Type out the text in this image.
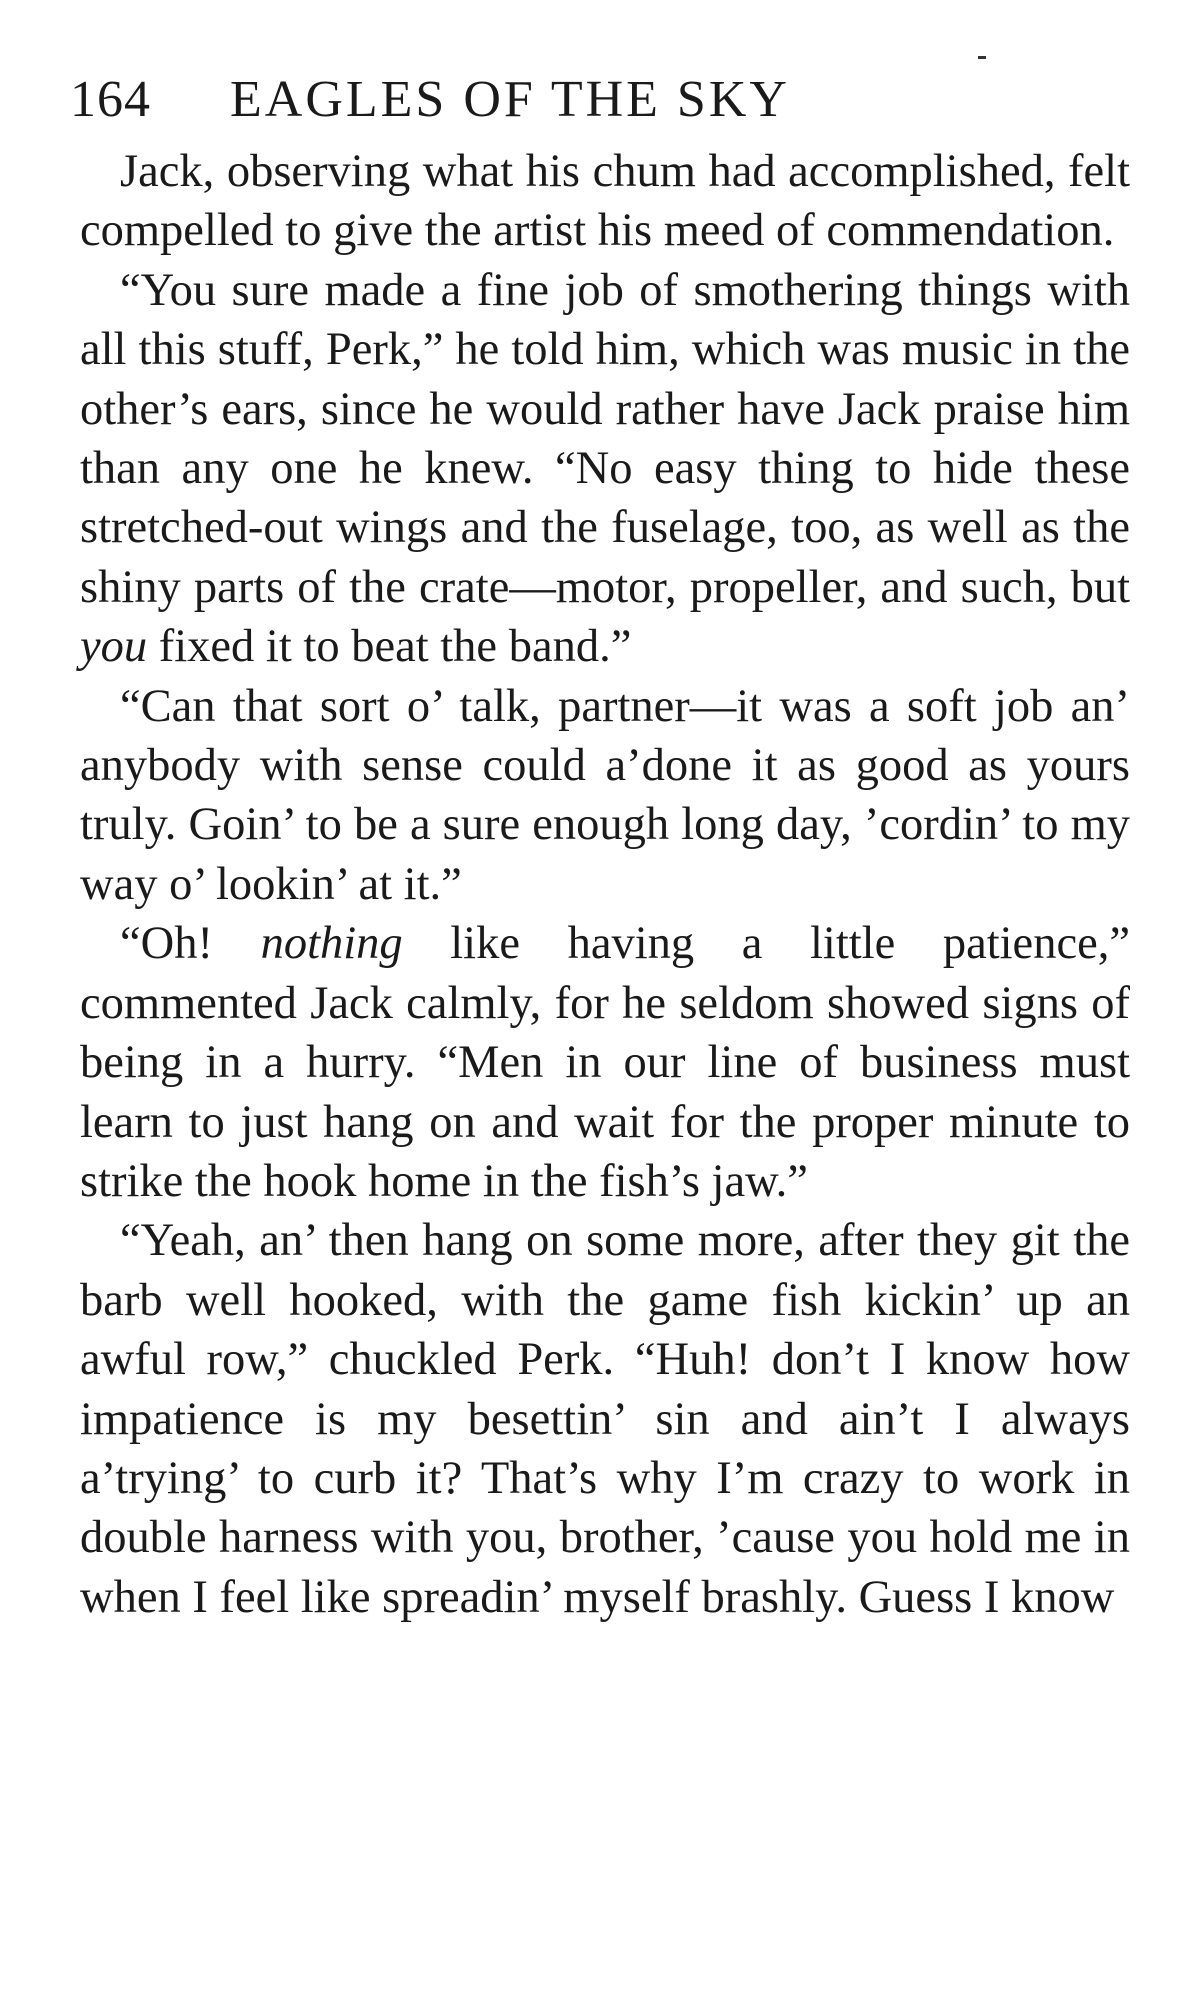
164	EAGLES OF THE SKY

Jack, observing what his chum had accomplished, felt compelled to give the artist his meed of commendation.

“You sure made a fine job of smothering things with all this stuff, Perk,” he told him, which was music in the other’s ears, since he would rather have Jack praise him than any one he knew. “No easy thing to hide these stretched-out wings and the fuselage, too, as well as the shiny parts of the crate—motor, propeller, and such, but you fixed it to beat the band.”

“Can that sort o’ talk, partner—it was a soft job an’ anybody with sense could a’done it as good as yours truly. Goin’ to be a sure enough long day, ’cordin’ to my way o’ lookin’ at it.”

“Oh! nothing like having a little patience,” commented Jack calmly, for he seldom showed signs of being in a hurry. “Men in our line of business must learn to just hang on and wait for the proper minute to strike the hook home in the fish’s jaw.”

“Yeah, an’ then hang on some more, after they git the barb well hooked, with the game fish kickin’ up an awful row,” chuckled Perk. “Huh! don’t I know how impatience is my besettin’ sin and ain’t I always a’trying’ to curb it? That’s why I’m crazy to work in double harness with you, brother, ’cause you hold me in when I feel like spreadin’ myself brashly. Guess I know
